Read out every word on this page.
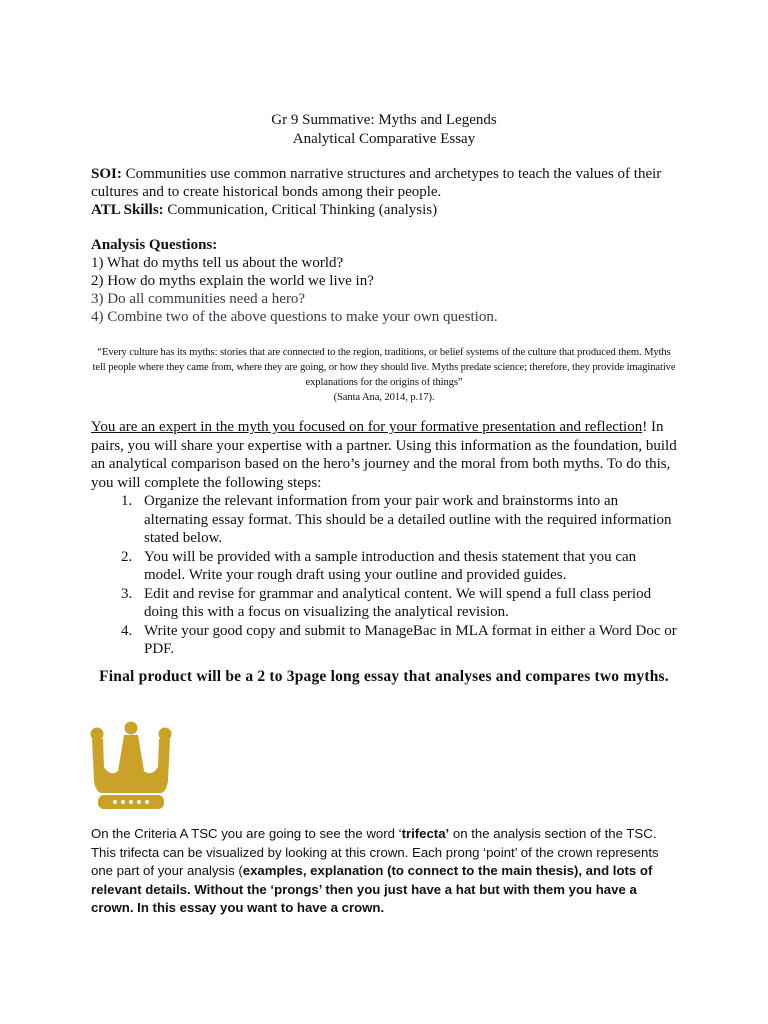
Gr 9 Summative: Myths and Legends
Analytical Comparative Essay
SOI: Communities use common narrative structures and archetypes to teach the values of their cultures and to create historical bonds among their people.
ATL Skills: Communication, Critical Thinking (analysis)
Analysis Questions:
1) What do myths tell us about the world?
2) How do myths explain the world we live in?
3) Do all communities need a hero?
4) Combine two of the above questions to make your own question.
“Every culture has its myths: stories that are connected to the region, traditions, or belief systems of the culture that produced them. Myths tell people where they came from, where they are going, or how they should live. Myths predate science; therefore, they provide imaginative explanations for the origins of things”
(Santa Ana, 2014, p.17).
You are an expert in the myth you focused on for your formative presentation and reflection! In pairs, you will share your expertise with a partner. Using this information as the foundation, build an analytical comparison based on the hero’s journey and the moral from both myths. To do this, you will complete the following steps:
1. Organize the relevant information from your pair work and brainstorms into an alternating essay format. This should be a detailed outline with the required information stated below.
2. You will be provided with a sample introduction and thesis statement that you can model. Write your rough draft using your outline and provided guides.
3. Edit and revise for grammar and analytical content. We will spend a full class period doing this with a focus on visualizing the analytical revision.
4. Write your good copy and submit to ManageBac in MLA format in either a Word Doc or PDF.
Final product will be a 2 to 3page long essay that analyses and compares two myths.
On the Criteria A TSC you are going to see the word ‘trifecta’ on the analysis section of the TSC. This trifecta can be visualized by looking at this crown. Each prong ‘point’ of the crown represents one part of your analysis (examples, explanation (to connect to the main thesis), and lots of relevant details. Without the ‘prongs’ then you just have a hat but with them you have a crown. In this essay you want to have a crown.
